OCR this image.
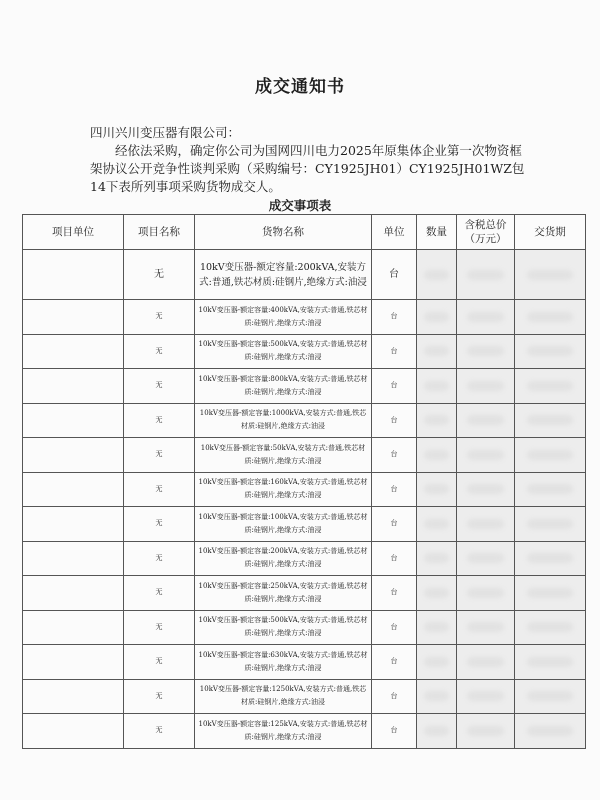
成交通知书
四川兴川变压器有限公司：
经依法采购，确定你公司为国网四川电力2025年原集体企业第一次物资框架协议公开竞争性谈判采购（采购编号：CY1925JH01）CY1925JH01WZ包14下表所列事项采购货物成交人。
成交事项表
项目单位	项目名称	货物名称	单位	数量	含税总价（万元）	交货期
	无	10kV变压器-额定容量:200kVA,安装方式:普通,铁芯材质:硅钢片,绝缘方式:油浸	台	

	无	10kV变压器-额定容量:400kVA,安装方式:普通,铁芯材质:硅钢片,绝缘方式:油浸	台	

	无	10kV变压器-额定容量:500kVA,安装方式:普通,铁芯材质:硅钢片,绝缘方式:油浸	台	

	无	10kV变压器-额定容量:800kVA,安装方式:普通,铁芯材质:硅钢片,绝缘方式:油浸	台	

	无	10kV变压器-额定容量:1000kVA,安装方式:普通,铁芯材质:硅钢片,绝缘方式:油浸	台	

	无	10kV变压器-额定容量:50kVA,安装方式:普通,铁芯材质:硅钢片,绝缘方式:油浸	台	

	无	10kV变压器-额定容量:160kVA,安装方式:普通,铁芯材质:硅钢片,绝缘方式:油浸	台	

	无	10kV变压器-额定容量:100kVA,安装方式:普通,铁芯材质:硅钢片,绝缘方式:油浸	台	

	无	10kV变压器-额定容量:200kVA,安装方式:普通,铁芯材质:硅钢片,绝缘方式:油浸	台	

	无	10kV变压器-额定容量:250kVA,安装方式:普通,铁芯材质:硅钢片,绝缘方式:油浸	台	

	无	10kV变压器-额定容量:500kVA,安装方式:普通,铁芯材质:硅钢片,绝缘方式:油浸	台	

	无	10kV变压器-额定容量:630kVA,安装方式:普通,铁芯材质:硅钢片,绝缘方式:油浸	台	

	无	10kV变压器-额定容量:1250kVA,安装方式:普通,铁芯材质:硅钢片,绝缘方式:油浸	台	

	无	10kV变压器-额定容量:125kVA,安装方式:普通,铁芯材质:硅钢片,绝缘方式:油浸	台	
